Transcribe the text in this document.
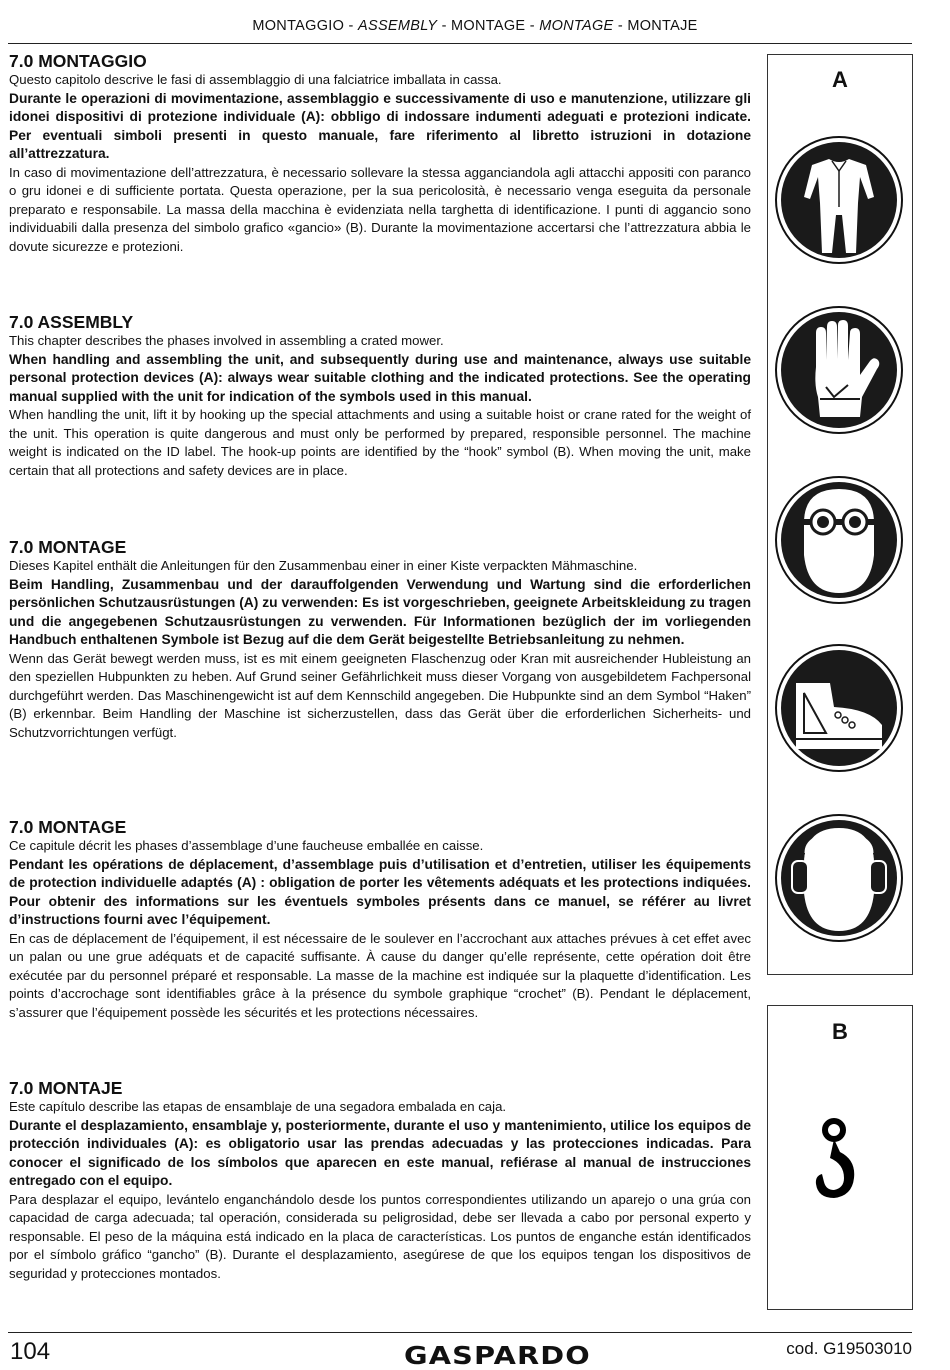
MONTAGGIO - ASSEMBLY - MONTAGE - MONTAGE - MONTAJE
7.0 MONTAGGIO

Questo capitolo descrive le fasi di assemblaggio di una falciatrice imballata in cassa.

Durante le operazioni di movimentazione, assemblaggio e successivamente di uso e manutenzione, utilizzare gli idonei dispositivi di protezione individuale (A): obbligo di indossare indumenti adeguati e protezioni indicate. Per eventuali simboli presenti in questo manuale, fare riferimento al libretto istruzioni in dotazione all’attrezzatura.

In caso di movimentazione dell’attrezzatura, è necessario sollevare la stessa agganciandola agli attacchi appositi con paranco o gru idonei e di sufficiente portata. Questa operazione, per la sua pericolosità, è necessario venga eseguita da personale preparato e responsabile. La massa della macchina è evidenziata nella targhetta di identificazione. I punti di aggancio sono individuabili dalla presenza del simbolo grafico «gancio» (B). Durante la movimentazione accertarsi che l’attrezzatura abbia le dovute sicurezze e protezioni.

7.0 ASSEMBLY

This chapter describes the phases involved in assembling a crated mower.

When handling and assembling the unit, and subsequently during use and maintenance, always use suitable personal protection devices (A): always wear suitable clothing and the indicated protections. See the operating manual supplied with the unit for indication of the symbols used in this manual.

When handling the unit, lift it by hooking up the special attachments and using a suitable hoist or crane rated for the weight of the unit. This operation is quite dangerous and must only be performed by prepared, responsible personnel. The machine weight is indicated on the ID label. The hook-up points are identified by the “hook” symbol (B). When moving the unit, make certain that all protections and safety devices are in place.

7.0 MONTAGE

Dieses Kapitel enthält die Anleitungen für den Zusammenbau einer in einer Kiste verpackten Mähmaschine.

Beim Handling, Zusammenbau und der darauffolgenden Verwendung und Wartung sind die erforderlichen persönlichen Schutzausrüstungen (A) zu verwenden: Es ist vorgeschrieben, geeignete Arbeitskleidung zu tragen und die angegebenen Schutzausrüstungen zu verwenden. Für Informationen bezüglich der im vorliegenden Handbuch enthaltenen Symbole ist Bezug auf die dem Gerät beigestellte Betriebsanleitung zu nehmen.

Wenn das Gerät bewegt werden muss, ist es mit einem geeigneten Flaschenzug oder Kran mit ausreichender Hubleistung an den speziellen Hubpunkten zu heben. Auf Grund seiner Gefährlichkeit muss dieser Vorgang von ausgebildetem Fachpersonal durchgeführt werden. Das Maschinengewicht ist auf dem Kennschild angegeben. Die Hubpunkte sind an dem Symbol “Haken” (B) erkennbar. Beim Handling der Maschine ist sicherzustellen, dass das Gerät über die erforderlichen Sicherheits- und Schutzvorrichtungen verfügt.

7.0 MONTAGE

Ce capitule décrit les phases d’assemblage d’une faucheuse emballée en caisse.

Pendant les opérations de déplacement, d’assemblage puis d’utilisation et d’entretien, utiliser les équipements de protection individuelle adaptés (A) : obligation de porter les vêtements adéquats et les protections indiquées. Pour obtenir des informations sur les éventuels symboles présents dans ce manuel, se référer au livret d’instructions fourni avec l’équipement.

En cas de déplacement de l’équipement, il est nécessaire de le soulever en l’accrochant aux attaches prévues à cet effet avec un palan ou une grue adéquats et de capacité suffisante. À cause du danger qu’elle représente, cette opération doit être exécutée par du personnel préparé et responsable. La masse de la machine est indiquée sur la plaquette d’identification. Les points d’accrochage sont identifiables grâce à la présence du symbole graphique “crochet” (B). Pendant le déplacement, s’assurer que l’équipement possède les sécurités et les protections nécessaires.

7.0 MONTAJE

Este capítulo describe las etapas de ensamblaje de una segadora embalada en caja.

Durante el desplazamiento, ensamblaje y, posteriormente, durante el uso y mantenimiento, utilice los equipos de protección individuales (A): es obligatorio usar las prendas adecuadas y las protecciones indicadas. Para conocer el significado de los símbolos que aparecen en este manual, refiérase al manual de instrucciones entregado con el equipo.

Para desplazar el equipo, levántelo enganchándolo desde los puntos correspondientes utilizando un aparejo o una grúa con capacidad de carga adecuada; tal operación, considerada su peligrosidad, debe ser llevada a cabo por personal experto y responsable. El peso de la máquina está indicado en la placa de características. Los puntos de enganche están identificados por el símbolo gráfico “gancho” (B). Durante el desplazamiento, asegúrese de que los equipos tengan los dispositivos de seguridad y protecciones montados.

A
B
104	GASPARDO	cod. G19503010
